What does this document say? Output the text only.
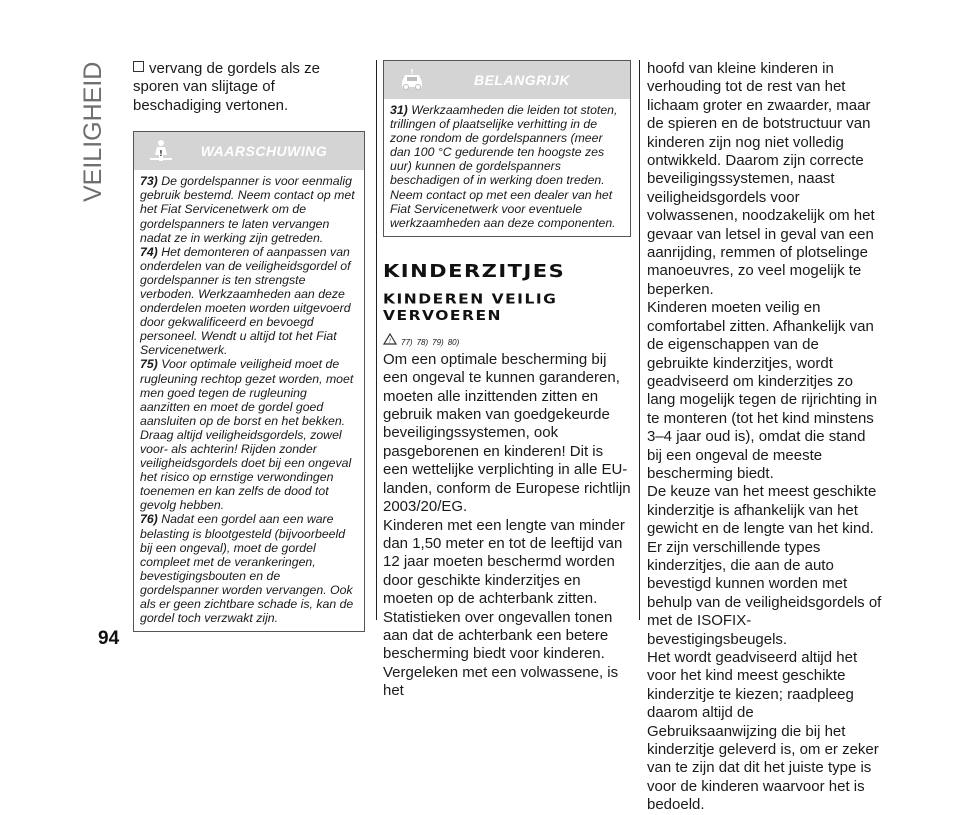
VEILIGHEID
94

vervang de gordels als ze sporen van slijtage of beschadiging vertonen.

!	WAARSCHUWING

73) De gordelspanner is voor eenmalig gebruik bestemd. Neem contact op met het Fiat Servicenetwerk om de gordelspanners te laten vervangen nadat ze in werking zijn getreden.

74) Het demonteren of aanpassen van onderdelen van de veiligheidsgordel of gordelspanner is ten strengste verboden. Werkzaamheden aan deze onderdelen moeten worden uitgevoerd door gekwalificeerd en bevoegd personeel. Wendt u altijd tot het Fiat Servicenetwerk.

75) Voor optimale veiligheid moet de rugleuning rechtop gezet worden, moet men goed tegen de rugleuning aanzitten en moet de gordel goed aansluiten op de borst en het bekken. Draag altijd veiligheidsgordels, zowel voor- als achterin! Rijden zonder veiligheidsgordels doet bij een ongeval het risico op ernstige verwondingen toenemen en kan zelfs de dood tot gevolg hebben.

76) Nadat een gordel aan een ware belasting is blootgesteld (bijvoorbeeld bij een ongeval), moet de gordel compleet met de verankeringen, bevestigingsbouten en de gordelspanner worden vervangen. Ook als er geen zichtbare schade is, kan de gordel toch verzwakt zijn.

!	BELANGRIJK

31) Werkzaamheden die leiden tot stoten, trillingen of plaatselijke verhitting in de zone rondom de gordelspanners (meer dan 100 °C gedurende ten hoogste zes uur) kunnen de gordelspanners beschadigen of in werking doen treden. Neem contact op met een dealer van het Fiat Servicenetwerk voor eventuele werkzaamheden aan deze componenten.

KINDERZITJES
KINDEREN VEILIG
VERVOEREN
! 77) 78) 79) 80)

Om een optimale bescherming bij een ongeval te kunnen garanderen, moeten alle inzittenden zitten en gebruik maken van goedgekeurde beveiligingssystemen, ook pasgeborenen en kinderen! Dit is een wettelijke verplichting in alle EU-landen, conform de Europese richtlijn 2003/20/EG.

Kinderen met een lengte van minder dan 1,50 meter en tot de leeftijd van 12 jaar moeten beschermd worden door geschikte kinderzitjes en moeten op de achterbank zitten.

Statistieken over ongevallen tonen aan dat de achterbank een betere bescherming biedt voor kinderen. Vergeleken met een volwassene, is het

hoofd van kleine kinderen in verhouding tot de rest van het lichaam groter en zwaarder, maar de spieren en de botstructuur van kinderen zijn nog niet volledig ontwikkeld. Daarom zijn correcte beveiligingssystemen, naast veiligheidsgordels voor volwassenen, noodzakelijk om het gevaar van letsel in geval van een aanrijding, remmen of plotselinge manoeuvres, zo veel mogelijk te beperken.

Kinderen moeten veilig en comfortabel zitten. Afhankelijk van de eigenschappen van de gebruikte kinderzitjes, wordt geadviseerd om kinderzitjes zo lang mogelijk tegen de rijrichting in te monteren (tot het kind minstens 3–4 jaar oud is), omdat die stand bij een ongeval de meeste bescherming biedt.

De keuze van het meest geschikte kinderzitje is afhankelijk van het gewicht en de lengte van het kind. Er zijn verschillende types kinderzitjes, die aan de auto bevestigd kunnen worden met behulp van de veiligheidsgordels of met de ISOFIX-bevestigingsbeugels.

Het wordt geadviseerd altijd het voor het kind meest geschikte kinderzitje te kiezen; raadpleeg daarom altijd de Gebruiksaanwijzing die bij het kinderzitje geleverd is, om er zeker van te zijn dat dit het juiste type is voor de kinderen waarvoor het is bedoeld.
